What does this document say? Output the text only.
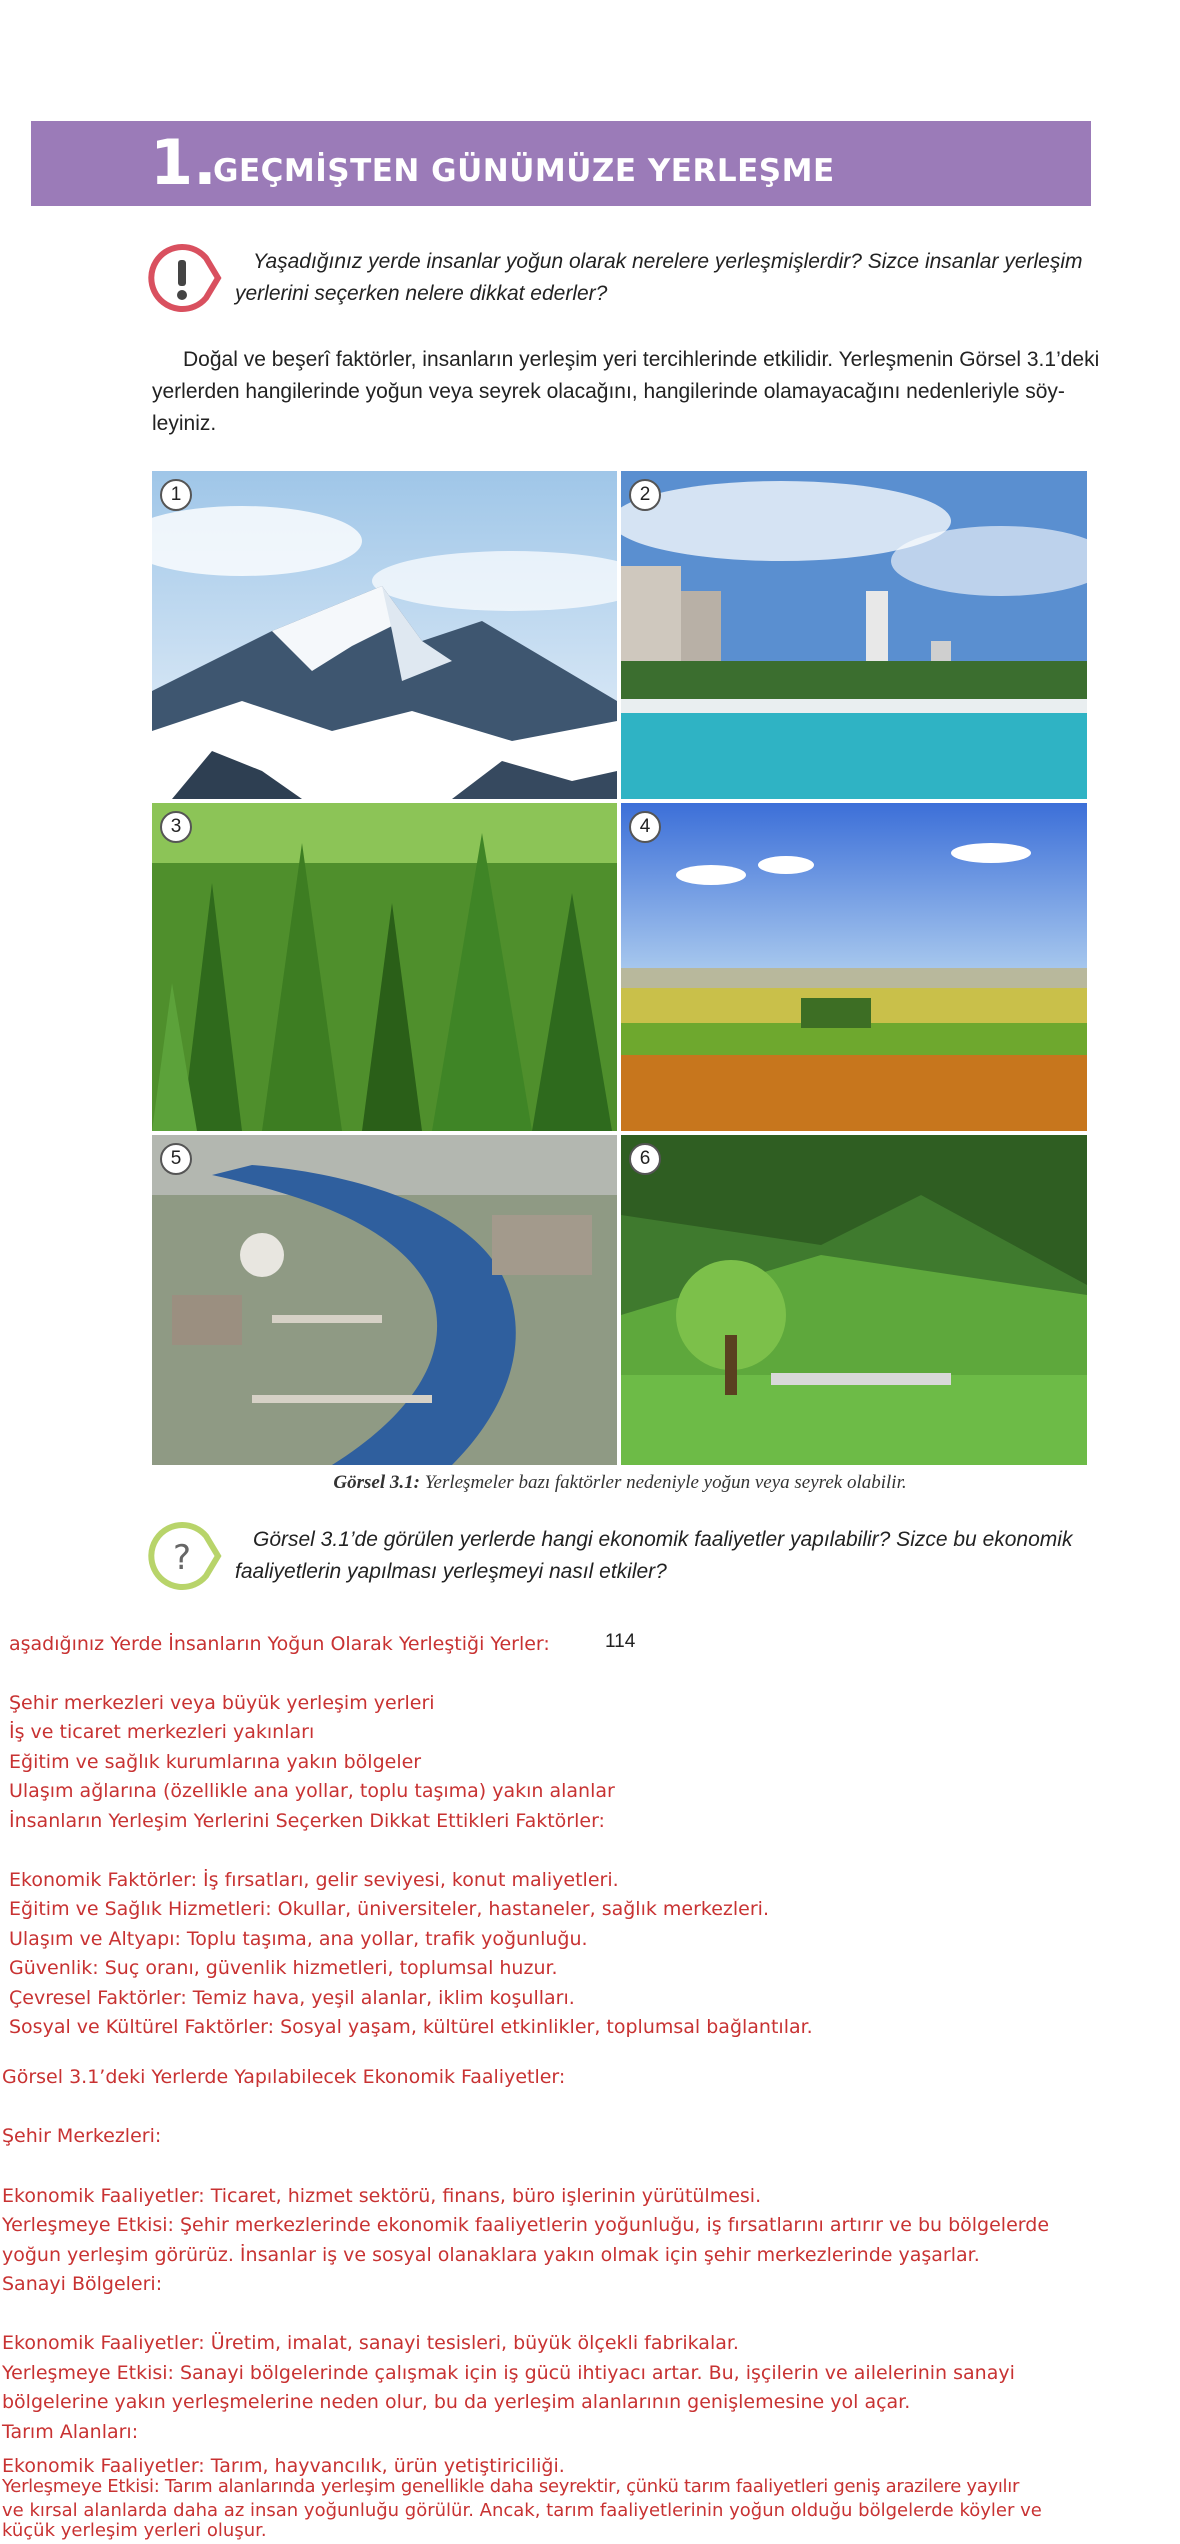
1.
GEÇMİŞTEN GÜNÜMÜZE YERLEŞME
Yaşadığınız yerde insanlar yoğun olarak nerelere yerleşmişlerdir? Sizce insanlar yerleşim yerlerini seçerken nelere dikkat ederler?
Doğal ve beşerî faktörler, insanların yerleşim yeri tercihlerinde etkilidir. Yerleşmenin Görsel 3.1’deki
yerlerden hangilerinde yoğun veya seyrek olacağını, hangilerinde olamayacağını nedenleriyle söy-
leyiniz.
1	2
3	4
5	6
Görsel 3.1: Yerleşmeler bazı faktörler nedeniyle yoğun veya seyrek olabilir.
?	Görsel 3.1’de görülen yerlerde hangi ekonomik faaliyetler yapılabilir? Sizce bu ekonomik faaliyetlerin yapılması yerleşmeyi nasıl etkiler?
114
aşadığınız Yerde İnsanların Yoğun Olarak Yerleştiği Yerler:
Şehir merkezleri veya büyük yerleşim yerleri
İş ve ticaret merkezleri yakınları
Eğitim ve sağlık kurumlarına yakın bölgeler
Ulaşım ağlarına (özellikle ana yollar, toplu taşıma) yakın alanlar
İnsanların Yerleşim Yerlerini Seçerken Dikkat Ettikleri Faktörler:
Ekonomik Faktörler: İş fırsatları, gelir seviyesi, konut maliyetleri.
Eğitim ve Sağlık Hizmetleri: Okullar, üniversiteler, hastaneler, sağlık merkezleri.
Ulaşım ve Altyapı: Toplu taşıma, ana yollar, trafik yoğunluğu.
Güvenlik: Suç oranı, güvenlik hizmetleri, toplumsal huzur.
Çevresel Faktörler: Temiz hava, yeşil alanlar, iklim koşulları.
Sosyal ve Kültürel Faktörler: Sosyal yaşam, kültürel etkinlikler, toplumsal bağlantılar.
Görsel 3.1’deki Yerlerde Yapılabilecek Ekonomik Faaliyetler:
Şehir Merkezleri:
Ekonomik Faaliyetler: Ticaret, hizmet sektörü, finans, büro işlerinin yürütülmesi.
Yerleşmeye Etkisi: Şehir merkezlerinde ekonomik faaliyetlerin yoğunluğu, iş fırsatlarını artırır ve bu bölgelerde
yoğun yerleşim görürüz. İnsanlar iş ve sosyal olanaklara yakın olmak için şehir merkezlerinde yaşarlar.
Sanayi Bölgeleri:
Ekonomik Faaliyetler: Üretim, imalat, sanayi tesisleri, büyük ölçekli fabrikalar.
Yerleşmeye Etkisi: Sanayi bölgelerinde çalışmak için iş gücü ihtiyacı artar. Bu, işçilerin ve ailelerinin sanayi
bölgelerine yakın yerleşmelerine neden olur, bu da yerleşim alanlarının genişlemesine yol açar.
Tarım Alanları:
Ekonomik Faaliyetler: Tarım, hayvancılık, ürün yetiştiriciliği.
Yerleşmeye Etkisi: Tarım alanlarında yerleşim genellikle daha seyrektir, çünkü tarım faaliyetleri geniş arazilere yayılır
ve kırsal alanlarda daha az insan yoğunluğu görülür. Ancak, tarım faaliyetlerinin yoğun olduğu bölgelerde köyler ve
küçük yerleşim yerleri oluşur.
